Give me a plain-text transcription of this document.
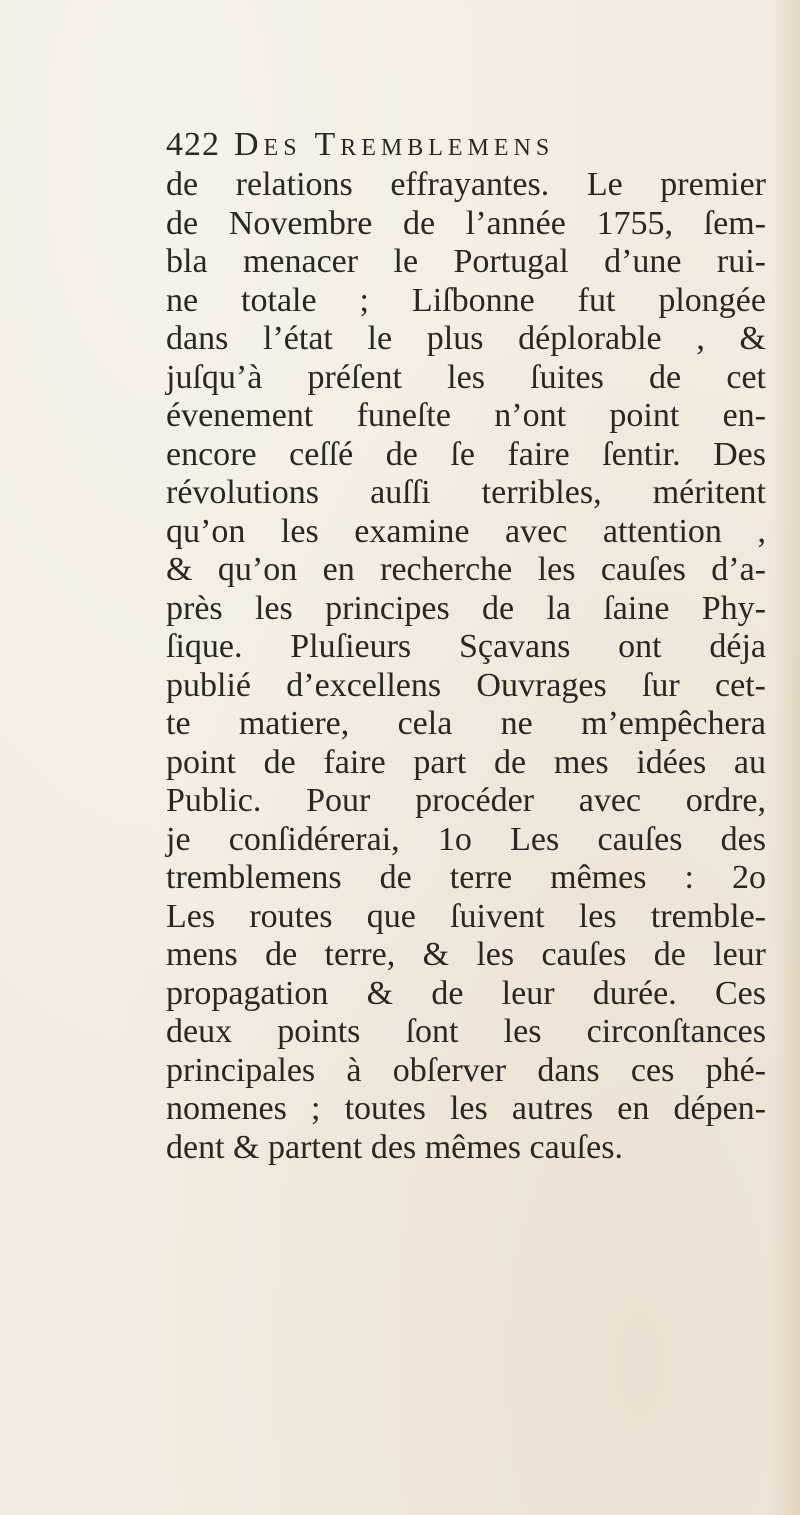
422 Des Tremblemens
de relations effrayantes. Le premier
de Novembre de l’année 1755, ſem-
bla menacer le Portugal d’une rui-
ne totale ; Liſbonne fut plongée
dans l’état le plus déplorable , &
juſqu’à préſent les ſuites de cet
évenement funeſte n’ont point en-
encore ceſſé de ſe faire ſentir. Des
révolutions auſſi terribles, méritent
qu’on les examine avec attention ,
& qu’on en recherche les cauſes d’a-
près les principes de la ſaine Phy-
ſique. Pluſieurs Sçavans ont déja
publié d’excellens Ouvrages ſur cet-
te matiere, cela ne m’empêchera
point de faire part de mes idées au
Public. Pour procéder avec ordre,
je conſidérerai, 1o Les cauſes des
tremblemens de terre mêmes : 2o
Les routes que ſuivent les tremble-
mens de terre, & les cauſes de leur
propagation & de leur durée. Ces
deux points ſont les circonſtances
principales à obſerver dans ces phé-
nomenes ; toutes les autres en dépen-
dent & partent des mêmes cauſes.
